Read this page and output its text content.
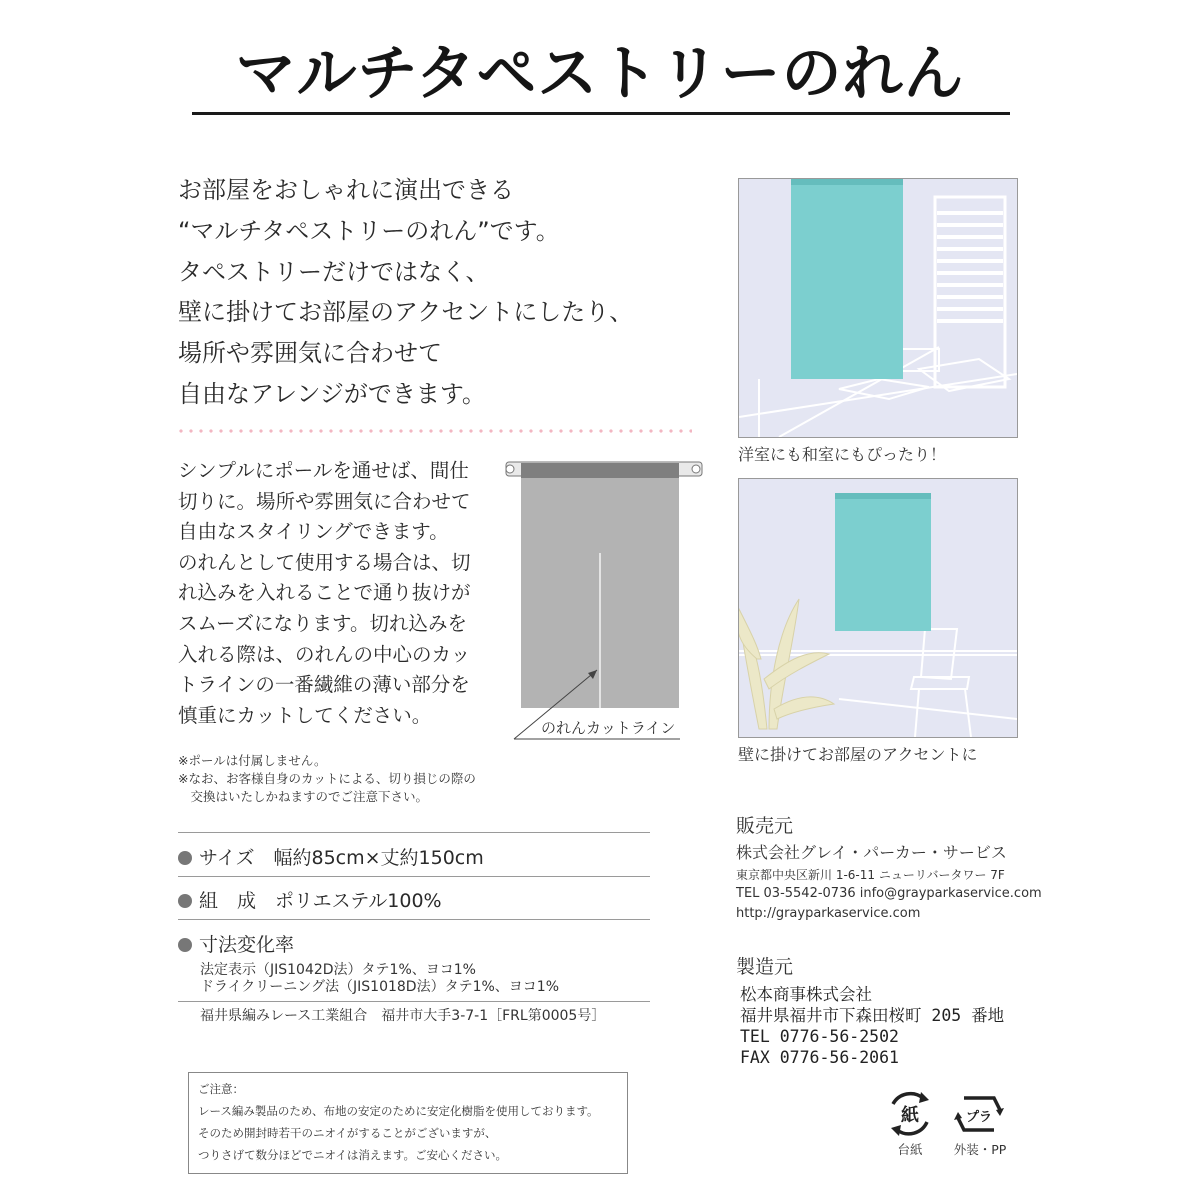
マルチタペストリーのれん
お部屋をおしゃれに演出できる
“マルチタペストリーのれん”です。
タペストリーだけではなく、
壁に掛けてお部屋のアクセントにしたり、
場所や雰囲気に合わせて
自由なアレンジができます。
シンプルにポールを通せば、間仕
切りに。場所や雰囲気に合わせて
自由なスタイリングできます。
のれんとして使用する場合は、切
れ込みを入れることで通り抜けが
スムーズになります。切れ込みを
入れる際は、のれんの中心のカッ
トラインの一番繊維の薄い部分を
慎重にカットしてください。
のれんカットライン
※ポールは付属しません。
※なお、お客様自身のカットによる、切り損じの際の
　交換はいたしかねますのでご注意下さい。
サイズ　幅約85cm×丈約150cm
組　成　ポリエステル100%
寸法変化率
法定表示（JIS1042D法）タテ1%、ヨコ1%
ドライクリーニング法（JIS1018D法）タテ1%、ヨコ1%
福井県編みレース工業組合　福井市大手3-7-1［FRL第0005号］
ご注意：
レース編み製品のため、布地の安定のために安定化樹脂を使用しております。
そのため開封時若干のニオイがすることがございますが、
つりさげて数分ほどでニオイは消えます。ご安心ください。
洋室にも和室にもぴったり！
壁に掛けてお部屋のアクセントに
販売元
株式会社グレイ・パーカー・サービス
東京都中央区新川 1-6-11 ニューリバータワー 7F
TEL 03-5542-0736 info@grayparkaservice.com
http://grayparkaservice.com
製造元
松本商事株式会社
福井県福井市下森田桜町 205 番地
TEL 0776-56-2502
FAX 0776-56-2061
紙
台紙
プラ
外装・PP
